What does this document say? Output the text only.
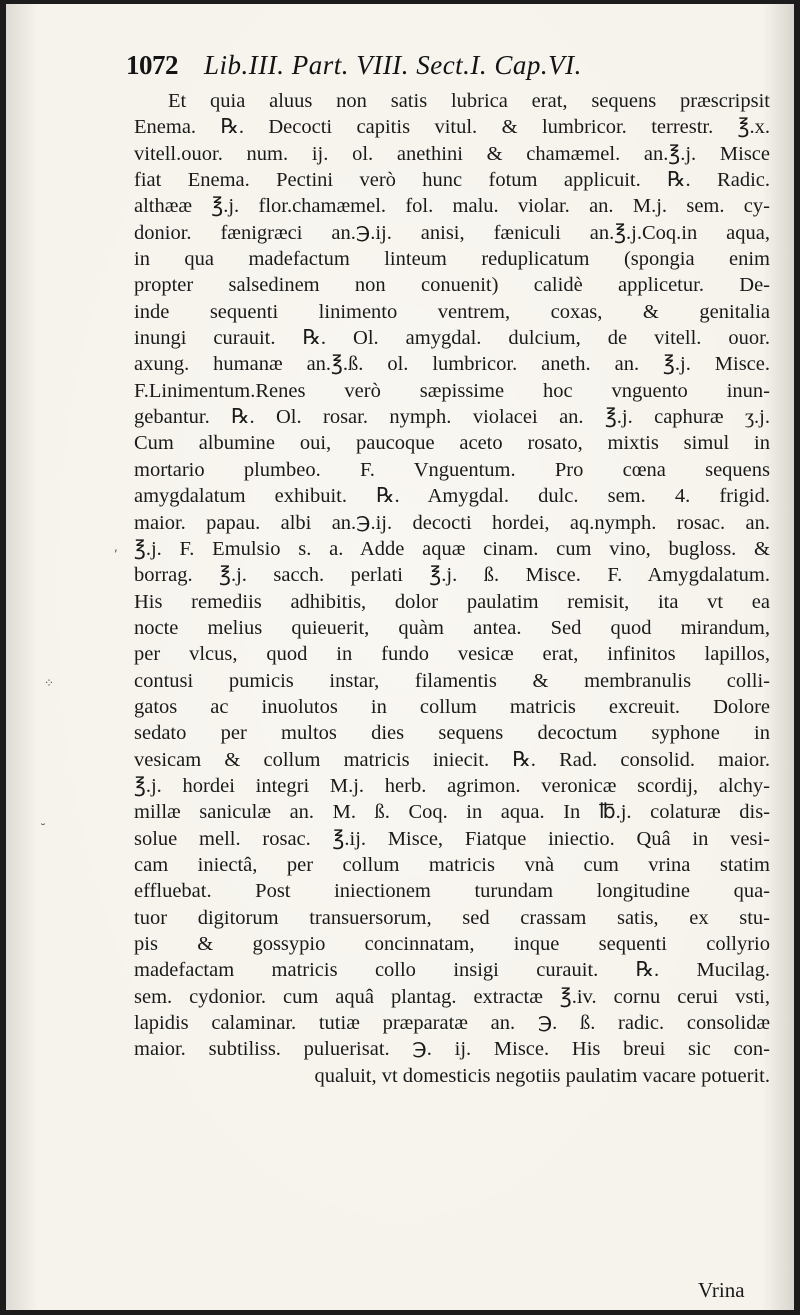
1072 Lib.III. Part. VIII. Sect.I. Cap.VI.
Et quia aluus non satis lubrica erat, sequens præscripsit
Enema. ℞. Decocti capitis vitul. & lumbricor. terrestr. ℥.x.
vitell.ouor. num. ij. ol. anethini & chamæmel. an.℥.j. Misce
fiat Enema. Pectini verò hunc fotum applicuit. ℞. Radic.
althææ ℥.j. flor.chamæmel. fol. malu. violar. an. M.j. sem. cy-
donior. fænigræci an.℈.ij. anisi, fæniculi an.℥.j.Coq.in aqua,
in qua madefactum linteum reduplicatum (spongia enim
propter salsedinem non conuenit) calidè applicetur. De-
inde sequenti linimento ventrem, coxas, & genitalia
inungi curauit. ℞. Ol. amygdal. dulcium, de vitell. ouor.
axung. humanæ an.℥.ß. ol. lumbricor. aneth. an. ℥.j. Misce.
F.Linimentum.Renes verò sæpissime hoc vnguento inun-
gebantur. ℞. Ol. rosar. nymph. violacei an. ℥.j. caphuræ ʒ.j.
Cum albumine oui, paucoque aceto rosato, mixtis simul in
mortario plumbeo. F. Vnguentum. Pro cœna sequens
amygdalatum exhibuit. ℞. Amygdal. dulc. sem. 4. frigid.
maior. papau. albi an.℈.ij. decocti hordei, aq.nymph. rosac. an.
℥.j. F. Emulsio s. a. Adde aquæ cinam. cum vino, bugloss. &
borrag. ℥.j. sacch. perlati ℥.j. ß. Misce. F. Amygdalatum.
His remediis adhibitis, dolor paulatim remisit, ita vt ea
nocte melius quieuerit, quàm antea. Sed quod mirandum,
per vlcus, quod in fundo vesicæ erat, infinitos lapillos,
contusi pumicis instar, filamentis & membranulis colli-
gatos ac inuolutos in collum matricis excreuit. Dolore
sedato per multos dies sequens decoctum syphone in
vesicam & collum matricis iniecit. ℞. Rad. consolid. maior.
℥.j. hordei integri M.j. herb. agrimon. veronicæ scordij, alchy-
millæ saniculæ an. M. ß. Coq. in aqua. In ℔.j. colaturæ dis-
solue mell. rosac. ℥.ij. Misce, Fiatque iniectio. Quâ in vesi-
cam iniectâ, per collum matricis vnà cum vrina statim
effluebat. Post iniectionem turundam longitudine qua-
tuor digitorum transuersorum, sed crassam satis, ex stu-
pis & gossypio concinnatam, inque sequenti collyrio
madefactam matricis collo insigi curauit. ℞. Mucilag.
sem. cydonior. cum aquâ plantag. extractæ ℥.iv. cornu cerui vsti,
lapidis calaminar. tutiæ præparatæ an. ℈. ß. radic. consolidæ
maior. subtiliss. puluerisat. ℈. ij. Misce. His breui sic con-
qualuit, vt domesticis negotiis paulatim vacare potuerit.
Vrina
⁘
˘
,
